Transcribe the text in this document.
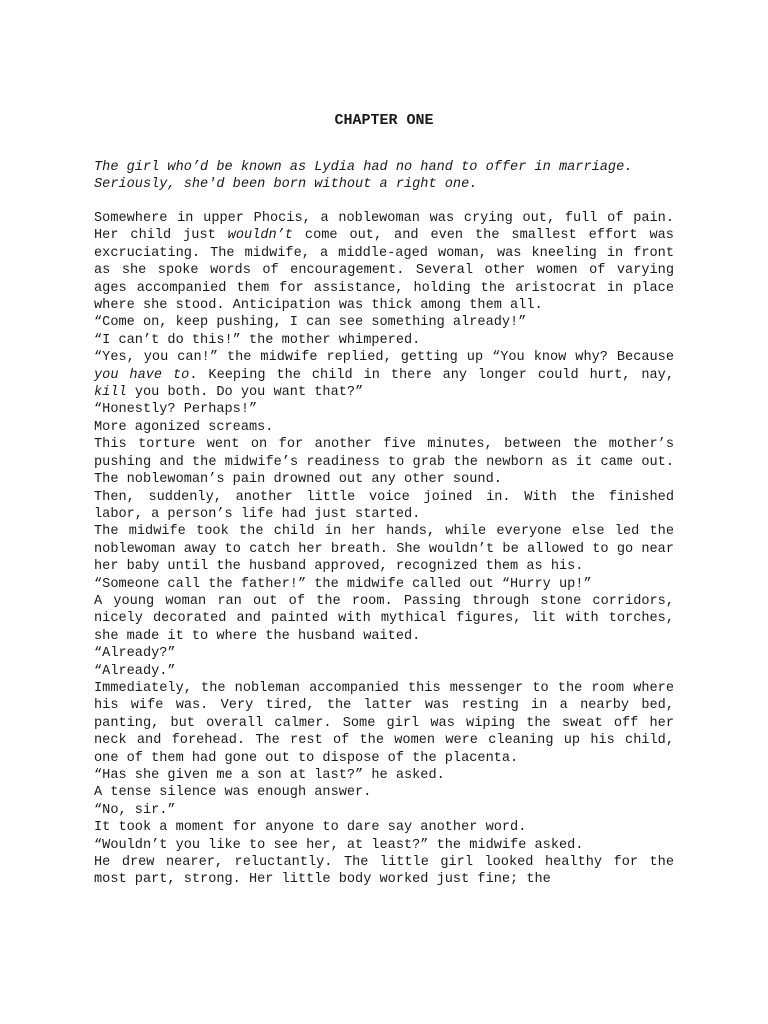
CHAPTER ONE

The girl who’d be known as Lydia had no hand to offer in marriage.

Seriously, she'd been born without a right one.

Somewhere in upper Phocis, a noblewoman was crying out, full of pain. Her child just wouldn’t come out, and even the smallest effort was excruciating. The midwife, a middle-aged woman, was kneeling in front as she spoke words of encouragement. Several other women of varying ages accompanied them for assistance, holding the aristocrat in place where she stood. Anticipation was thick among them all.

“Come on, keep pushing, I can see something already!”

“I can’t do this!” the mother whimpered.

“Yes, you can!” the midwife replied, getting up “You know why? Because you have to. Keeping the child in there any longer could hurt, nay, kill you both. Do you want that?”

“Honestly? Perhaps!”

More agonized screams.

This torture went on for another five minutes, between the mother’s pushing and the midwife’s readiness to grab the newborn as it came out. The noblewoman’s pain drowned out any other sound.

Then, suddenly, another little voice joined in. With the finished labor, a person’s life had just started.

The midwife took the child in her hands, while everyone else led the noblewoman away to catch her breath. She wouldn’t be allowed to go near her baby until the husband approved, recognized them as his.

“Someone call the father!” the midwife called out “Hurry up!”

A young woman ran out of the room. Passing through stone corridors, nicely decorated and painted with mythical figures, lit with torches, she made it to where the husband waited.

“Already?”

“Already.”

Immediately, the nobleman accompanied this messenger to the room where his wife was. Very tired, the latter was resting in a nearby bed, panting, but overall calmer. Some girl was wiping the sweat off her neck and forehead. The rest of the women were cleaning up his child, one of them had gone out to dispose of the placenta.

“Has she given me a son at last?” he asked.

A tense silence was enough answer.

“No, sir.”

It took a moment for anyone to dare say another word.

“Wouldn’t you like to see her, at least?” the midwife asked.

He drew nearer, reluctantly. The little girl looked healthy for the most part, strong. Her little body worked just fine; the
